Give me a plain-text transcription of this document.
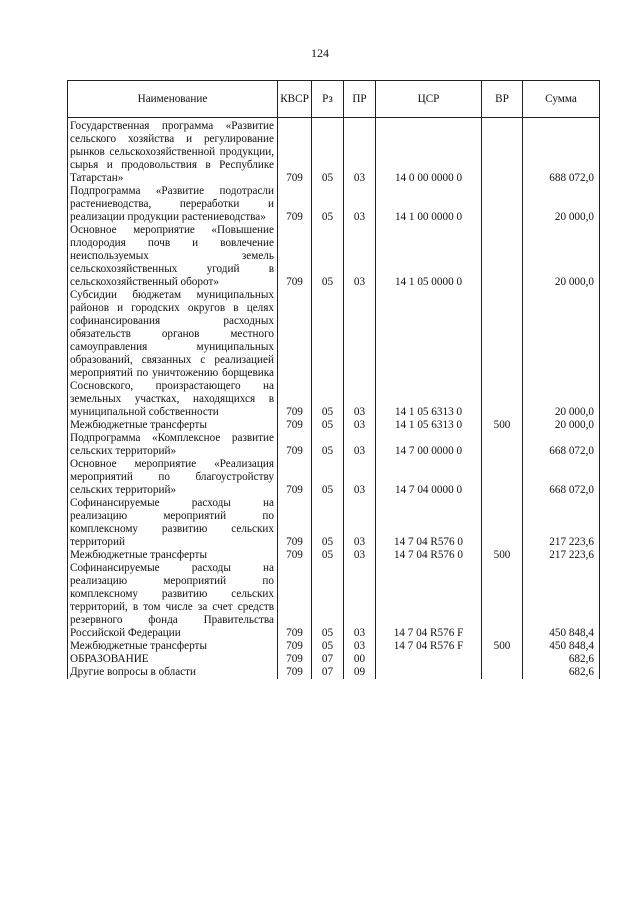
124
Наименование	КВСР	Рз	ПР	ЦСР	ВР	Сумма

Государственная программа «Развитие сельского хозяйства и регулирование рынков сельскохозяйственной продукции, сырья и продовольствия в Республике Татарстан»	709	05	03	14 0 00 0000 0		688 072,0
Подпрограмма «Развитие подотрасли растениеводства, переработки и реализации продукции растениеводства»	709	05	03	14 1 00 0000 0		20 000,0
Основное мероприятие «Повышение плодородия почв и вовлечение неиспользуемых земель сельскохозяйственных угодий в сельскохозяйственный оборот»	709	05	03	14 1 05 0000 0		20 000,0
Субсидии бюджетам муниципальных районов и городских округов в целях софинансирования расходных обязательств органов местного самоуправления муниципальных образований, связанных с реализацией мероприятий по уничтожению борщевика Сосновского, произрастающего на земельных участках, находящихся в муниципальной собственности	709	05	03	14 1 05 6313 0		20 000,0
Межбюджетные трансферты	709	05	03	14 1 05 6313 0	500	20 000,0
Подпрограмма «Комплексное развитие сельских территорий»	709	05	03	14 7 00 0000 0		668 072,0
Основное мероприятие «Реализация мероприятий по благоустройству сельских территорий»	709	05	03	14 7 04 0000 0		668 072,0
Софинансируемые расходы на реализацию мероприятий по комплексному развитию сельских территорий	709	05	03	14 7 04 R576 0		217 223,6
Межбюджетные трансферты	709	05	03	14 7 04 R576 0	500	217 223,6
Софинансируемые расходы на реализацию мероприятий по комплексному развитию сельских территорий, в том числе за счет средств резервного фонда Правительства Российской Федерации	709	05	03	14 7 04 R576 F		450 848,4
Межбюджетные трансферты	709	05	03	14 7 04 R576 F	500	450 848,4
ОБРАЗОВАНИЕ	709	07	00			682,6
Другие вопросы в области	709	07	09			682,6
